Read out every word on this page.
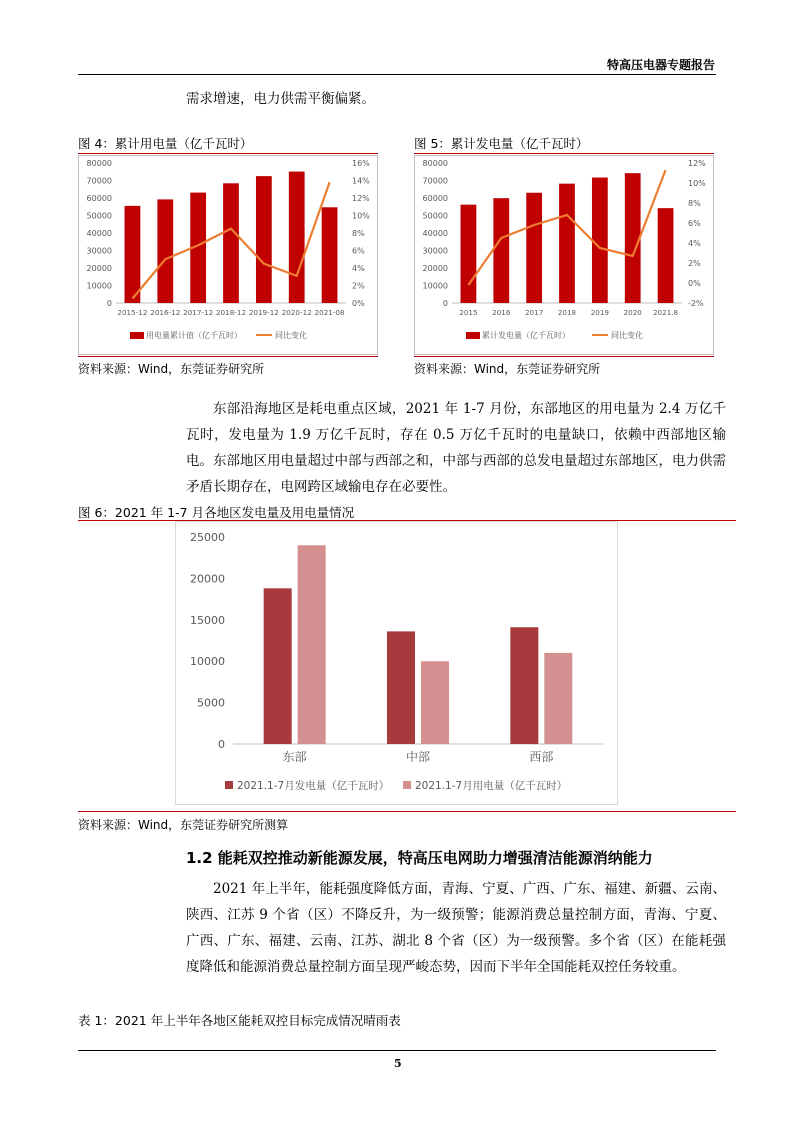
特高压电器专题报告
需求增速，电力供需平衡偏紧。
图 4：累计用电量（亿千瓦时）
0
10000
20000
30000
40000
50000
60000
70000
80000
0%
2%
4%
6%
8%
10%
12%
14%
16%
2015-12 2016-12 2017-12 2018-12 2019-12 2020-12 2021-08
用电量累计值（亿千瓦时）	同比变化
资料来源：Wind，东莞证券研究所
图 5：累计发电量（亿千瓦时）
0
10000
20000
30000
40000
50000
60000
70000
80000
-2%
0%
2%
4%
6%
8%
10%
12%
2015 2016 2017 2018 2019 2020 2021.8
累计发电量（亿千瓦时）	同比变化
资料来源：Wind，东莞证券研究所
东部沿海地区是耗电重点区域，2021 年 1-7 月份，东部地区的用电量为 2.4 万亿千瓦时，发电量为 1.9 万亿千瓦时，存在 0.5 万亿千瓦时的电量缺口，依赖中西部地区输电。东部地区用电量超过中部与西部之和，中部与西部的总发电量超过东部地区，电力供需矛盾长期存在，电网跨区域输电存在必要性。
图 6：2021 年 1-7 月各地区发电量及用电量情况
0
5000
10000
15000
20000
25000
东部	中部	西部
2021.1-7月发电量（亿千瓦时） 2021.1-7月用电量（亿千瓦时）
资料来源：Wind，东莞证券研究所测算
1.2 能耗双控推动新能源发展，特高压电网助力增强清洁能源消纳能力
2021 年上半年，能耗强度降低方面，青海、宁夏、广西、广东、福建、新疆、云南、陕西、江苏 9 个省（区）不降反升，为一级预警；能源消费总量控制方面，青海、宁夏、广西、广东、福建、云南、江苏、湖北 8 个省（区）为一级预警。多个省（区）在能耗强度降低和能源消费总量控制方面呈现严峻态势，因而下半年全国能耗双控任务较重。
表 1：2021 年上半年各地区能耗双控目标完成情况晴雨表
5
